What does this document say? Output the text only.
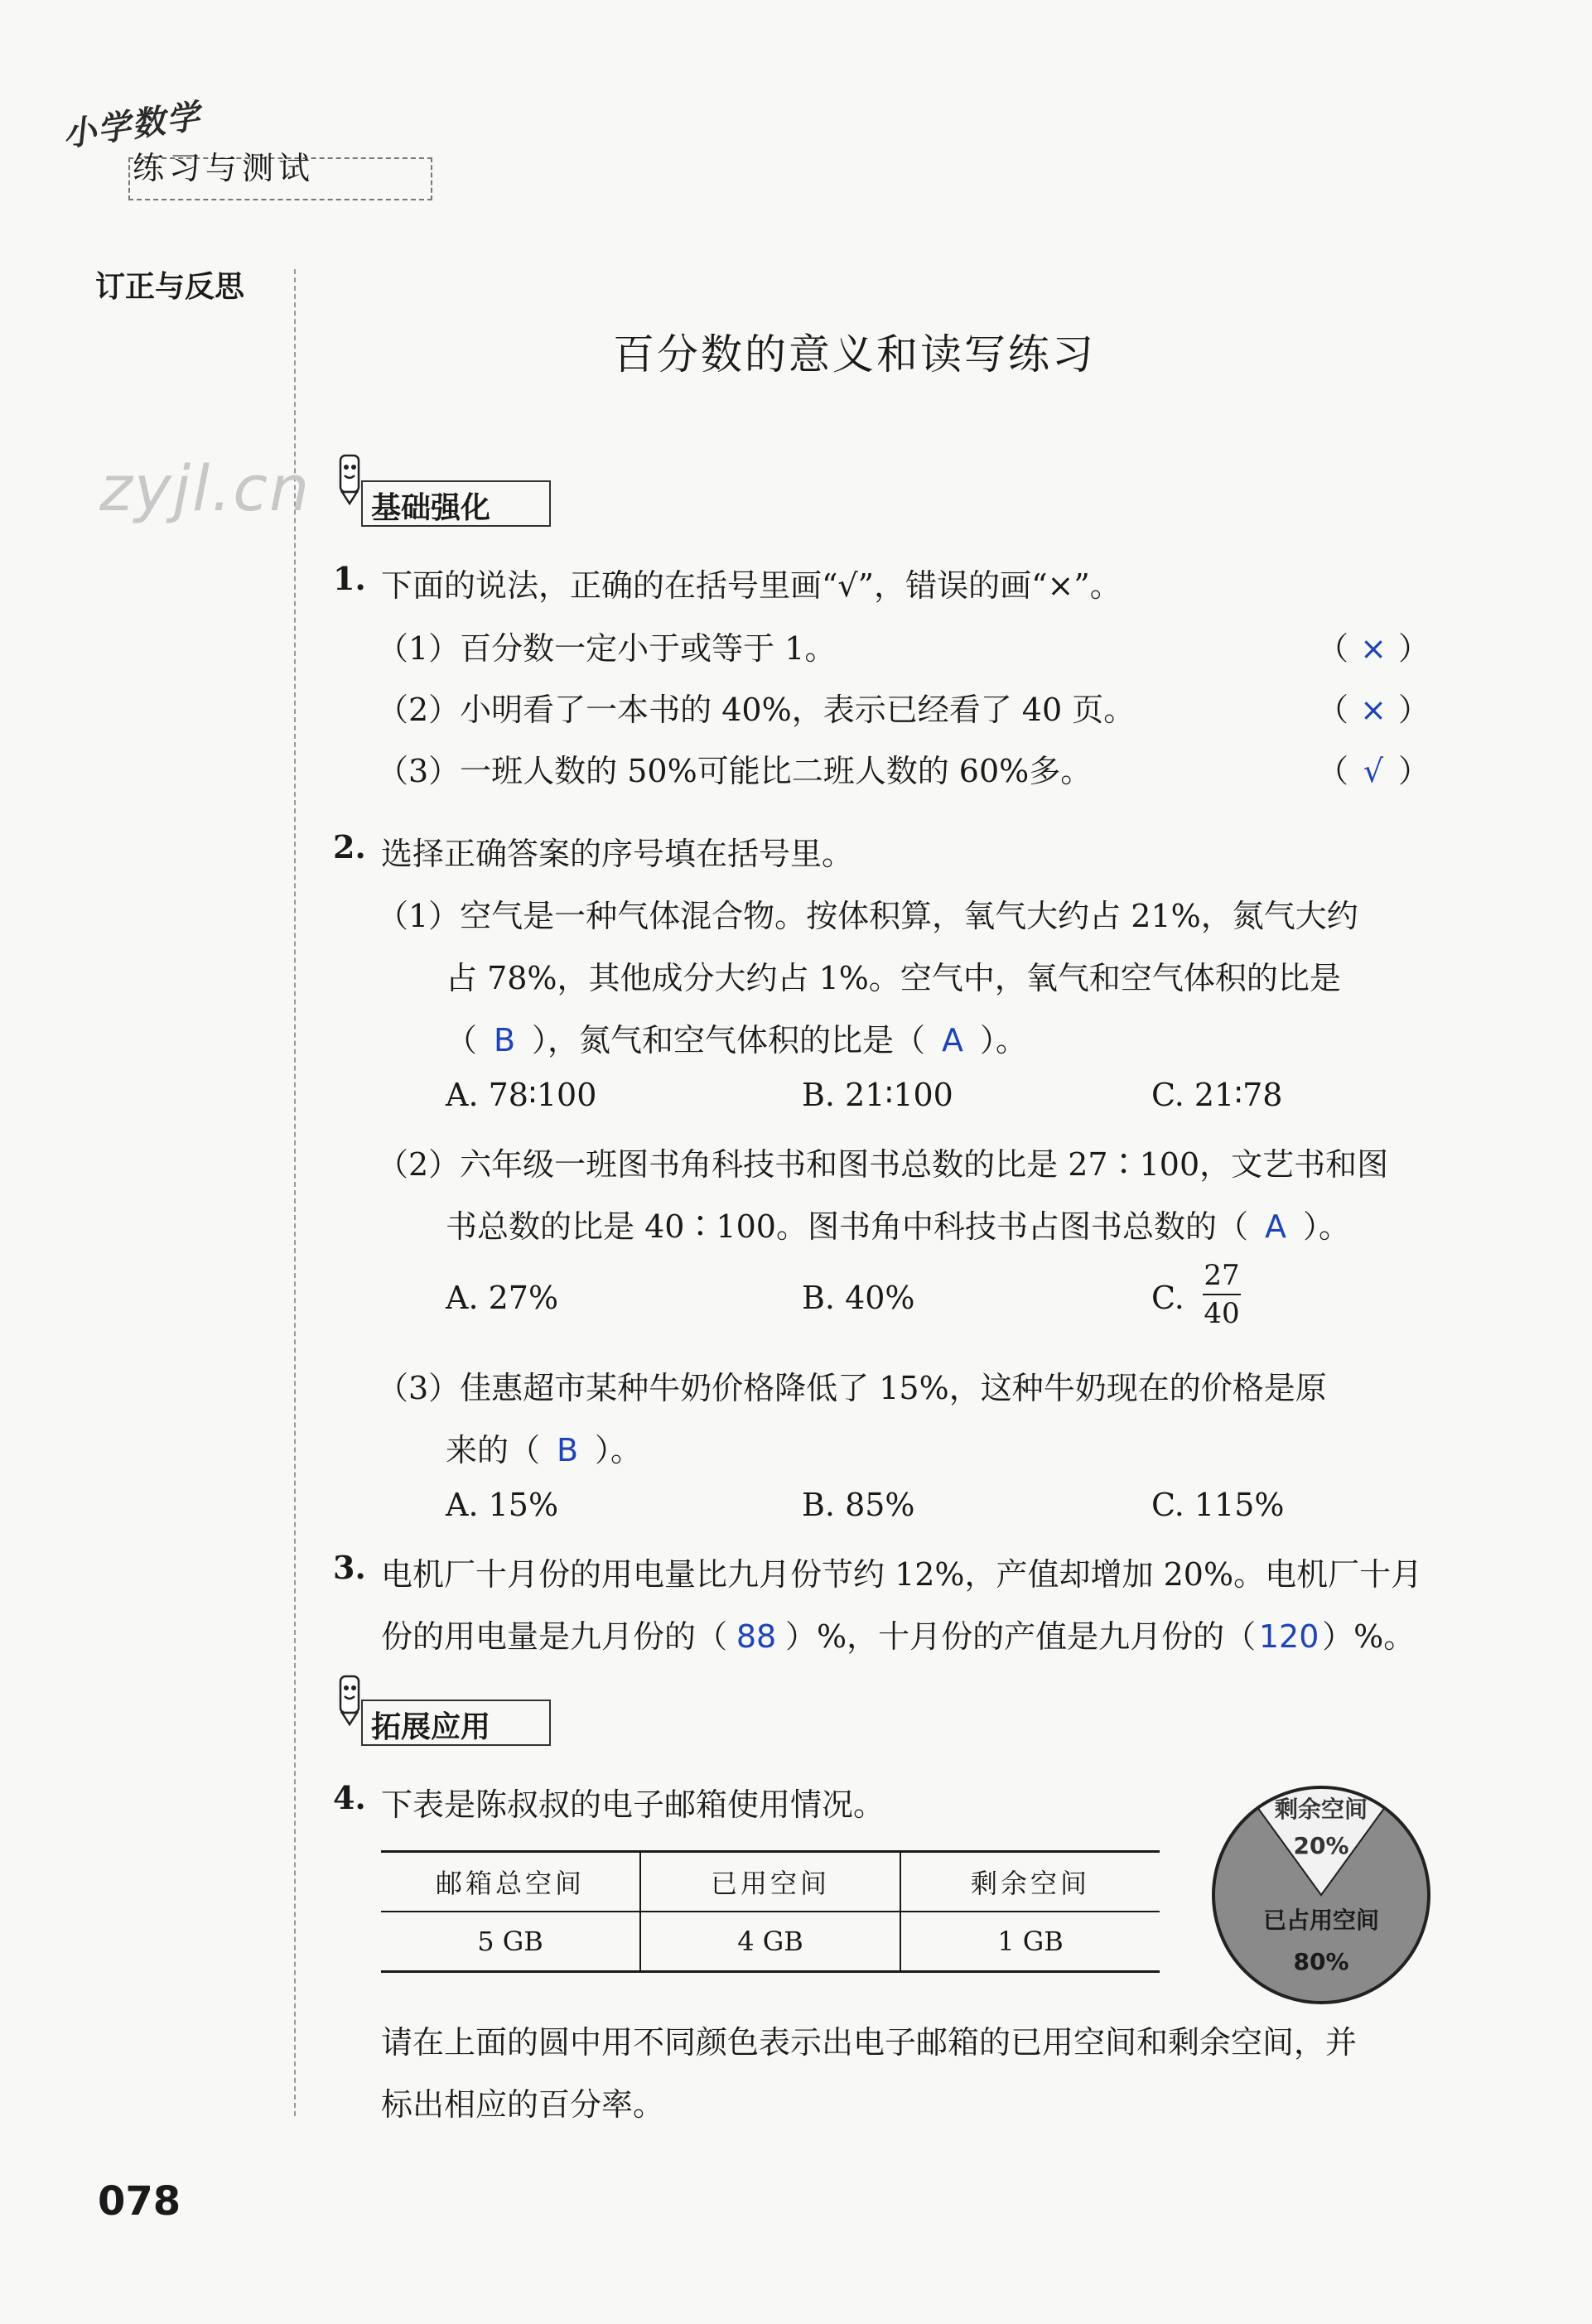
小学数学
练习与测试
订正与反思
zyjl.cn
百分数的意义和读写练习
基础强化
1. 下面的说法，正确的在括号里画“√”，错误的画“×”。
（1）百分数一定小于或等于 1。	（ × ）
（2）小明看了一本书的 40%，表示已经看了 40 页。	（ × ）
（3）一班人数的 50%可能比二班人数的 60%多。	（ √ ）
2. 选择正确答案的序号填在括号里。
（1）空气是一种气体混合物。按体积算，氧气大约占 21%，氮气大约
占 78%，其他成分大约占 1%。空气中，氧气和空气体积的比是
（ B ），氮气和空气体积的比是（ A ）。
A. 78∶100	B. 21∶100	C. 21∶78
（2）六年级一班图书角科技书和图书总数的比是 27∶100，文艺书和图
书总数的比是 40∶100。图书角中科技书占图书总数的（ A ）。
A. 27%	B. 40%	C.
27
40
（3）佳惠超市某种牛奶价格降低了 15%，这种牛奶现在的价格是原
来的（ B ）。
A. 15%	B. 85%	C. 115%
3. 电机厂十月份的用电量比九月份节约 12%，产值却增加 20%。电机厂十月
份的用电量是九月份的（ 88 ）%，十月份的产值是九月份的（120）%。
拓展应用
4. 下表是陈叔叔的电子邮箱使用情况。
邮箱总空间	已用空间	剩余空间
5 GB	4 GB	1 GB
剩余空间
20%
已占用空间
80%
请在上面的圆中用不同颜色表示出电子邮箱的已用空间和剩余空间，并
标出相应的百分率。
078
